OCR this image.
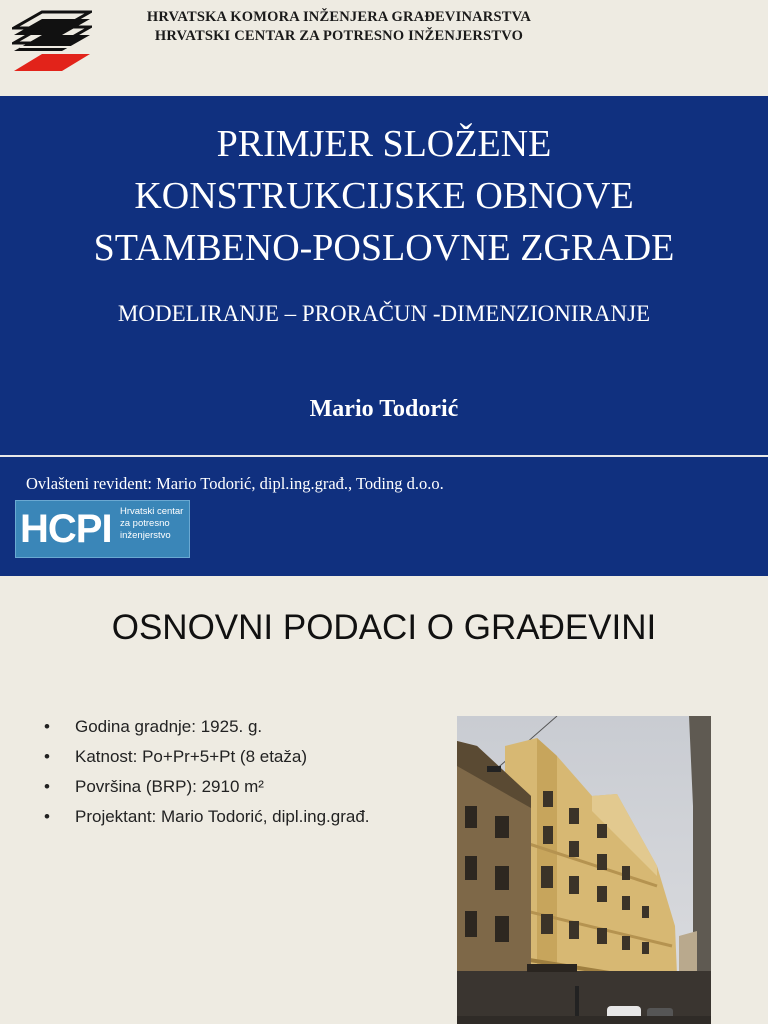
HRVATSKA KOMORA INŽENJERA GRAĐEVINARSTVA
HRVATSKI CENTAR ZA POTRESNO INŽENJERSTVO
PRIMJER SLOŽENE
KONSTRUKCIJSKE OBNOVE
STAMBENO-POSLOVNE ZGRADE
MODELIRANJE – PRORAČUN -DIMENZIONIRANJE
Mario Todorić
Ovlašteni revident: Mario Todorić, dipl.ing.građ., Toding d.o.o.
HCPI Hrvatski centar
za potresno
inženjerstvo
OSNOVNI PODACI O GRAĐEVINI
• Godina gradnje: 1925. g.
• Katnost: Po+Pr+5+Pt (8 etaža)
• Površina (BRP): 2910 m²
• Projektant: Mario Todorić, dipl.ing.građ.
